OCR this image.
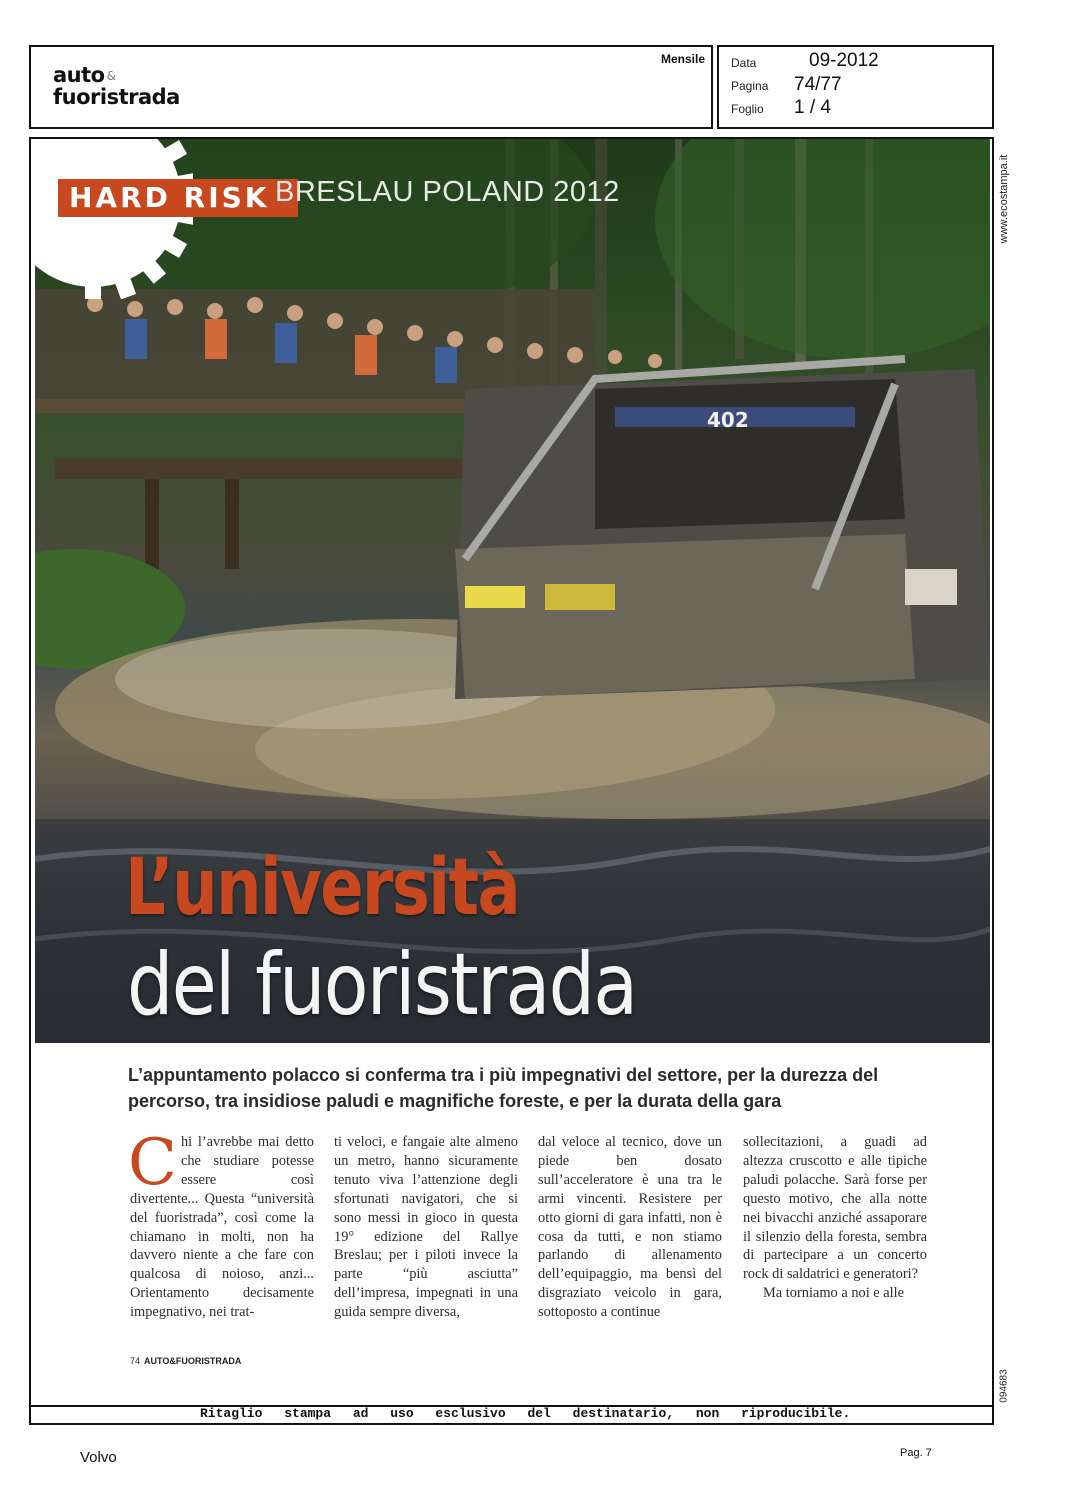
auto &
fuoristrada
Mensile Data	09-2012
Pagina 74/77
Foglio 1 / 4
www.ecostampa.it
402
HARD RISK BRESLAU POLAND 2012
L’università
del fuoristrada
L’appuntamento polacco si conferma tra i più impegnativi del settore, per la durezza del percorso, tra insidiose paludi e magnifiche foreste, e per la durata della gara
Chi l’avrebbe mai detto che studiare potesse essere così divertente... Questa “università del fuoristrada”, così come la chiamano in molti, non ha davvero niente a che fare con qualcosa di noioso, anzi... Orientamento decisamente impegnativo, nei trat-
ti veloci, e fangaie alte almeno un metro, hanno sicuramente tenuto viva l’attenzione degli sfortunati navigatori, che si sono messi in gioco in questa 19° edizione del Rallye Breslau; per i piloti invece la parte “più asciutta” dell’impresa, impegnati in una guida sempre diversa,
dal veloce al tecnico, dove un piede ben dosato sull’acceleratore è una tra le armi vincenti. Resistere per otto giorni di gara infatti, non è cosa da tutti, e non stiamo parlando di allenamento dell’equipaggio, ma bensì del disgraziato veicolo in gara, sottoposto a continue
sollecitazioni, a guadi ad altezza cruscotto e alle tipiche paludi polacche. Sarà forse per questo motivo, che alla notte nei bivacchi anziché assaporare il silenzio della foresta, sembra di partecipare a un concerto rock di saldatrici e generatori?
Ma torniamo a noi e alle
74 AUTO&FUORISTRADA
094683
Ritaglio stampa ad uso esclusivo del destinatario, non riproducibile.
Volvo	Pag. 7
